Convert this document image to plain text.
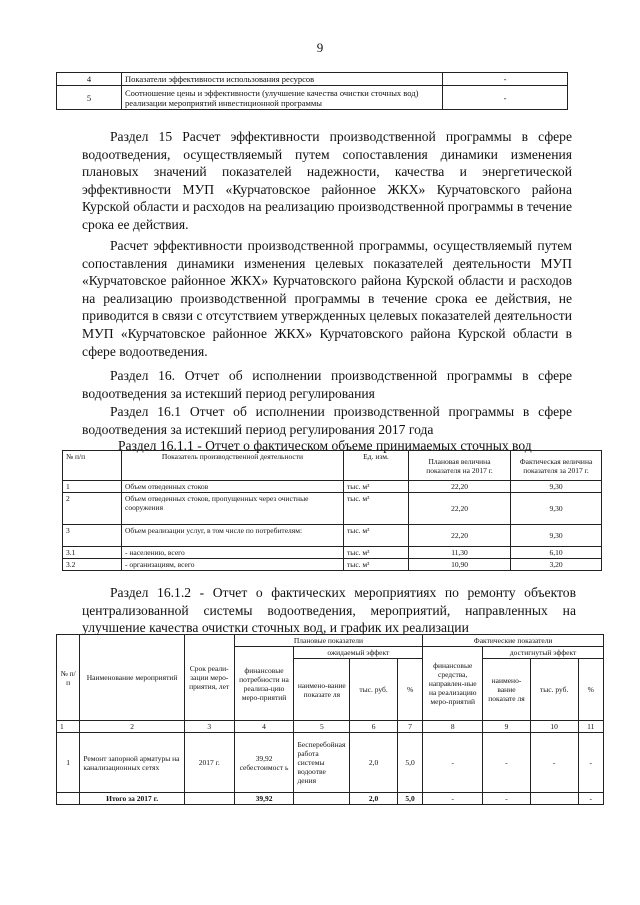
9
4	Показатели эффективности использования ресурсов	-
5	Соотношение цены и эффективности (улучшение качества очистки сточных вод) реализации мероприятий инвестиционной программы	-
Раздел 15 Расчет эффективности производственной программы в сфере водоотведения, осуществляемый путем сопоставления динамики изменения плановых значений показателей надежности, качества и энергетической эффективности МУП «Курчатовское районное ЖКХ» Курчатовского района Курской области и расходов на реализацию производственной программы в течение срока ее действия.
Расчет эффективности производственной программы, осуществляемый путем сопоставления динамики изменения целевых показателей деятельности МУП «Курчатовское районное ЖКХ» Курчатовского района Курской области и расходов на реализацию производственной программы в течение срока ее действия, не приводится в связи с отсутствием утвержденных целевых показателей деятельности МУП «Курчатовское районное ЖКХ» Курчатовского района Курской области в сфере водоотведения.
Раздел 16. Отчет об исполнении производственной программы в сфере водоотведения за истекший период регулирования
Раздел 16.1 Отчет об исполнении производственной программы в сфере водоотведения за истекший период регулирования 2017 года
Раздел 16.1.1 - Отчет о фактическом объеме принимаемых сточных вод
№ п/п	Показатель производственной деятельности	Ед. изм.	Плановая величина показателя на 2017 г.	Фактическая величина показателя за 2017 г.
1	Объем отведенных стоков	тыс. м³	22,20	9,30
2	Объем отведенных стоков, пропущенных через очистные сооружения	тыс. м³	22,20	9,30
3	Объем реализации услуг, в том числе по потребителям:	тыс. м³	22,20	9,30
3.1	- населению, всего	тыс. м³	11,30	6,10
3.2	- организациям, всего	тыс. м³	10,90	3,20
Раздел 16.1.2 - Отчет о фактических мероприятиях по ремонту объектов централизованной системы водоотведения, мероприятий, направленных на улучшение качества очистки сточных вод, и график их реализации
№ п/п	Наименование мероприятий	Срок реали-зации меро-приятия, лет	Плановые показатели				Фактические показатели			
			финансовые потребности на реализа-цию меро-приятий	ожидаемый эффект			финансовые средства, направлен-ные на реализацию меро-приятий	достигнутый эффект		
				наимено-вание показате ля	тыс. руб.	%		наимено-вание показате ля	тыс. руб.	%
1	2	3	4	5	6	7	8	9	10	11
1	Ремонт запорной арматуры на канализационных сетях	2017 г.	39,92 себестоимост ь	Бесперебойная работа системы водоотве дения	2,0	5,0	-	-	-	-
	Итого за 2017 г.		39,92		2,0	5,0	-	-		-
